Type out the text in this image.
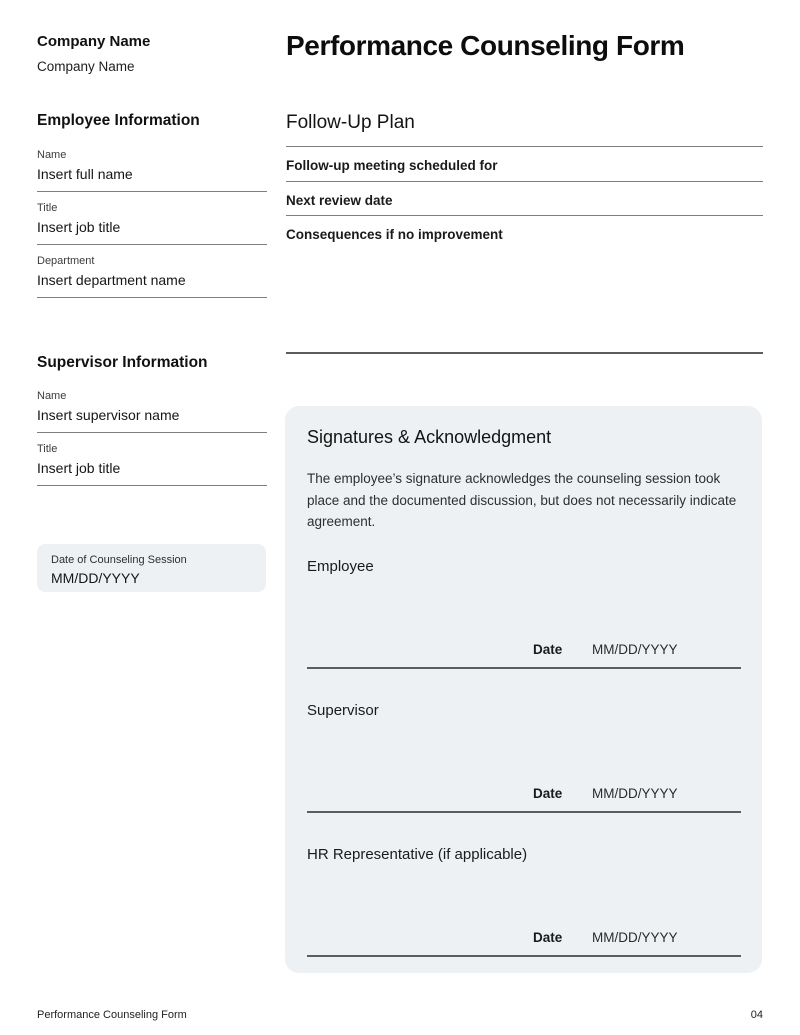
Company Name
Company Name
Performance Counseling Form
Employee Information
Name
Insert full name
Title
Insert job title
Department
Insert department name
Supervisor Information
Name
Insert supervisor name
Title
Insert job title
Date of Counseling Session
MM/DD/YYYY
Follow-Up Plan
Follow-up meeting scheduled for
Next review date
Consequences if no improvement
Signatures & Acknowledgment
The employee’s signature acknowledges the counseling session took place and the documented discussion, but does not necessarily indicate agreement.
Employee
Date MM/DD/YYYY
Supervisor
Date MM/DD/YYYY
HR Representative (if applicable)
Date MM/DD/YYYY
Performance Counseling Form	04
